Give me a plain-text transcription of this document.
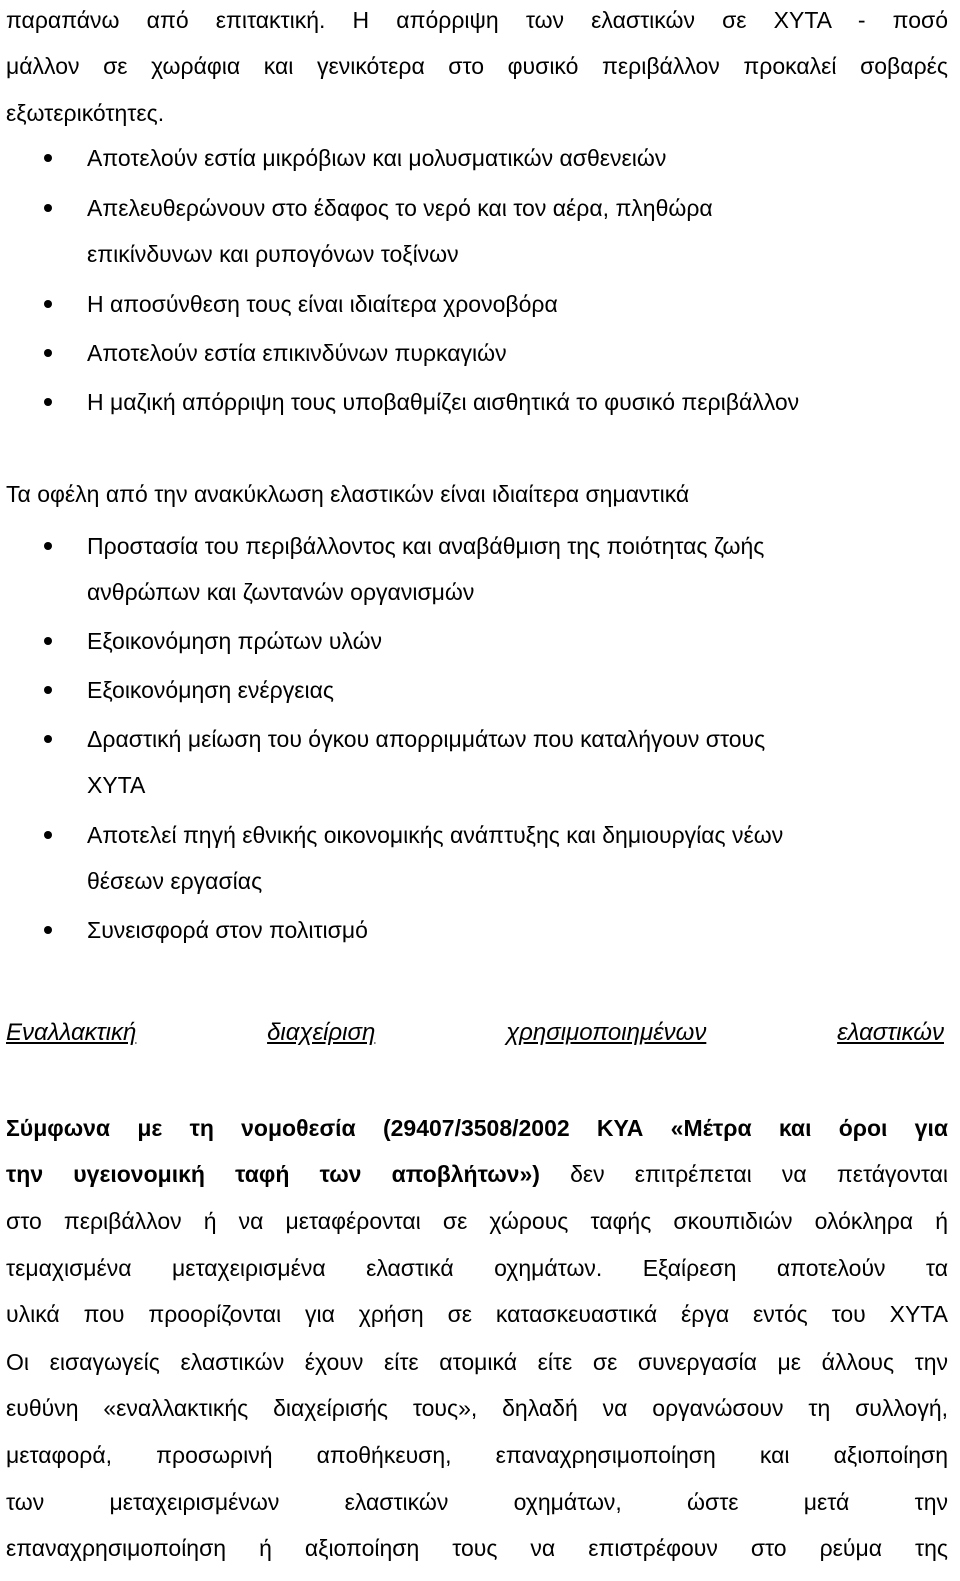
παραπάνω από επιτακτική. Η απόρριψη των ελαστικών σε ΧΥΤΑ - ποσό
μάλλον σε χωράφια και γενικότερα στο φυσικό περιβάλλον προκαλεί σοβαρές
εξωτερικότητες.
Αποτελούν εστία μικρόβιων και μολυσματικών ασθενειών
Απελευθερώνουν στο έδαφος το νερό και τον αέρα, πληθώρα
επικίνδυνων και ρυπογόνων τοξίνων
Η αποσύνθεση τους είναι ιδιαίτερα χρονοβόρα
Αποτελούν εστία επικινδύνων πυρκαγιών
Η μαζική απόρριψη τους υποβαθμίζει αισθητικά το φυσικό περιβάλλον
Τα οφέλη από την ανακύκλωση ελαστικών είναι ιδιαίτερα σημαντικά
Προστασία του περιβάλλοντος και αναβάθμιση της ποιότητας ζωής
ανθρώπων και ζωντανών οργανισμών
Εξοικονόμηση πρώτων υλών
Εξοικονόμηση ενέργειας
Δραστική μείωση του όγκου απορριμμάτων που καταλήγουν στους
ΧΥΤΑ
Αποτελεί πηγή εθνικής οικονομικής ανάπτυξης και δημιουργίας νέων
θέσεων εργασίας
Συνεισφορά στον πολιτισμό
Εναλλακτική	διαχείριση	χρησιμοποιημένων	ελαστικών
Σύμφωνα με τη νομοθεσία (29407/3508/2002 ΚΥΑ «Μέτρα και όροι για
την υγειονομική ταφή των αποβλήτων») δεν επιτρέπεται να πετάγονται
στο περιβάλλον ή να μεταφέρονται σε χώρους ταφής σκουπιδιών ολόκληρα ή
τεμαχισμένα μεταχειρισμένα ελαστικά οχημάτων. Εξαίρεση αποτελούν τα
υλικά που προορίζονται για χρήση σε κατασκευαστικά έργα εντός του ΧΥΤΑ
Οι εισαγωγείς ελαστικών έχουν είτε ατομικά είτε σε συνεργασία με άλλους την
ευθύνη «εναλλακτικής διαχείρισής τους», δηλαδή να οργανώσουν τη συλλογή,
μεταφορά, προσωρινή αποθήκευση, επαναχρησιμοποίηση και αξιοποίηση
των μεταχειρισμένων ελαστικών οχημάτων, ώστε μετά την
επαναχρησιμοποίηση ή αξιοποίηση τους να επιστρέφουν στο ρεύμα της
